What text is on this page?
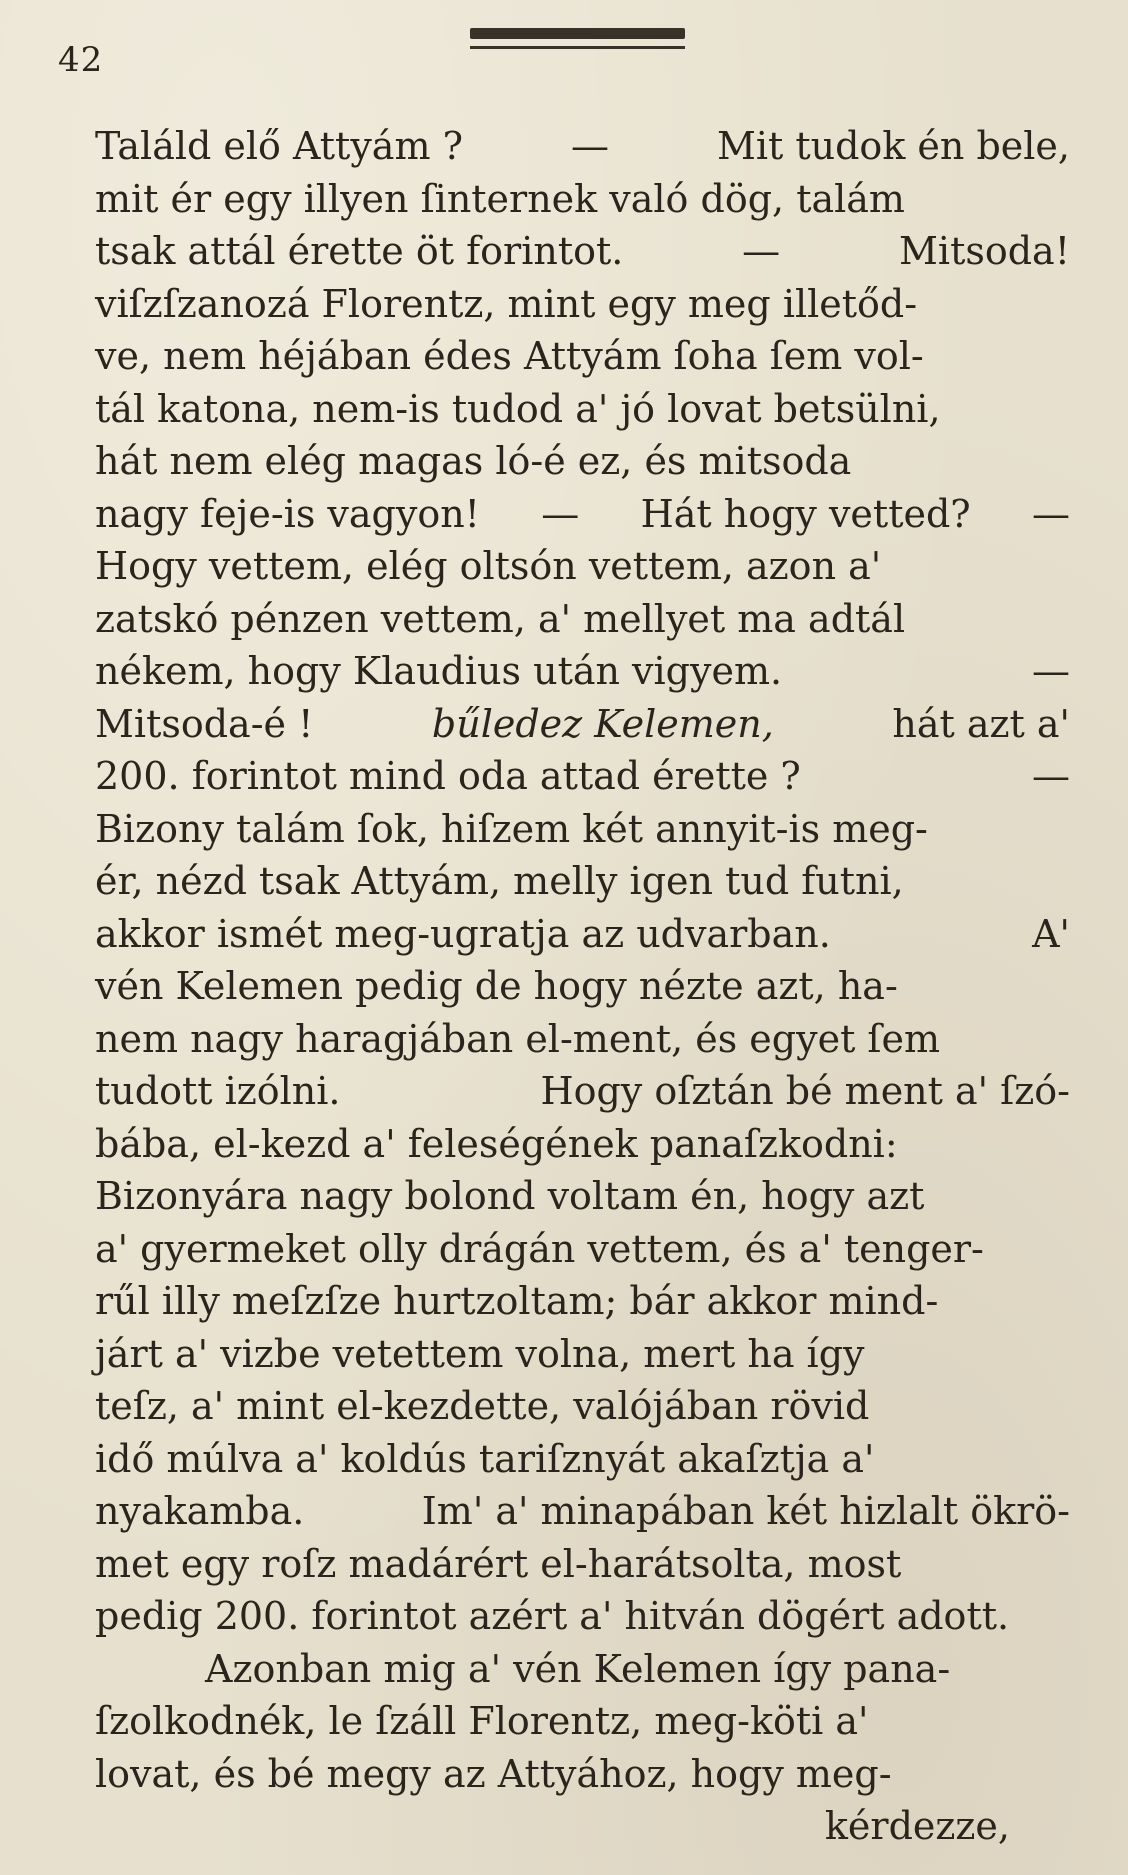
42
Találd elő Attyám ?	—	Mit tudok én bele,
mit ér egy illyen ſinternek való dög, talám
tsak attál érette öt forintot.	—	Mitsoda!
viſzſzanozá Florentz, mint egy meg illetőd-
ve, nem héjában édes Attyám ſoha ſem vol-
tál katona, nem-is tudod a' jó lovat betsülni,
hát nem elég magas ló-é ez, és mitsoda
nagy feje-is vagyon! — Hát hogy vetted? —
Hogy vettem, elég oltsón vettem, azon a'
zatskó pénzen vettem, a' mellyet ma adtál
nékem, hogy Klaudius után vigyem.	—
Mitsoda-é !	bűledez Kelemen,	hát azt a'
200. forintot mind oda attad érette ?	—
Bizony talám ſok, hiſzem két annyit-is meg-
ér, nézd tsak Attyám, melly igen tud futni,
akkor ismét meg-ugratja az udvarban.	A'
vén Kelemen pedig de hogy nézte azt, ha-
nem nagy haragjában el-ment, és egyet ſem
tudott izólni.	Hogy oſztán bé ment a' ſzó-
bába, el-kezd a' feleségének panaſzkodni:
Bizonyára nagy bolond voltam én, hogy azt
a' gyermeket olly drágán vettem, és a' tenger-
rűl illy meſzſze hurtzoltam; bár akkor mind-
járt a' vizbe vetettem volna, mert ha így
teſz, a' mint el-kezdette, valójában rövid
idő múlva a' koldús tariſznyát akaſztja a'
nyakamba.	Im' a' minapában két hizlalt ökrö-
met egy roſz madárért el-harátsolta, most
pedig 200. forintot azért a' hitván dögért adott.
Azonban mig a' vén Kelemen így pana-
ſzolkodnék, le ſzáll Florentz, meg-köti a'
lovat, és bé megy az Attyához, hogy meg-
kérdezze,
